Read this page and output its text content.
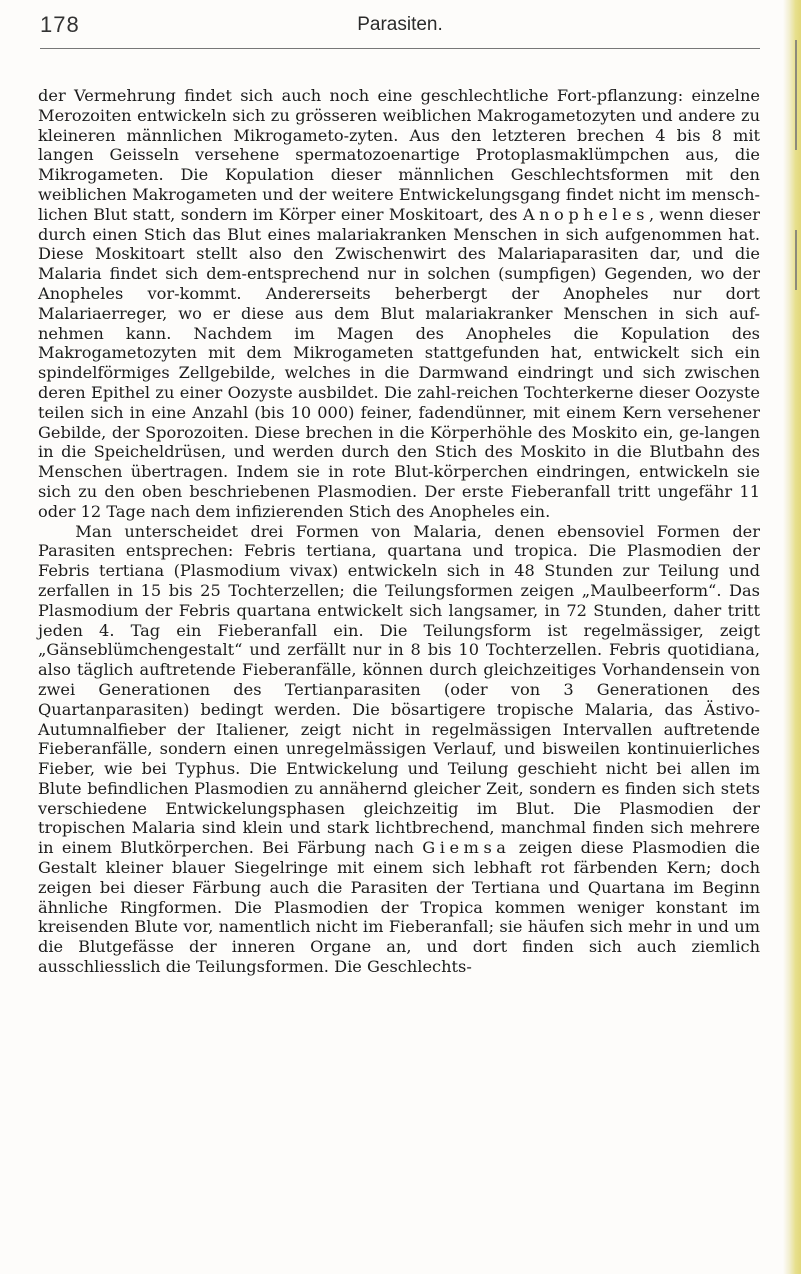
178	Parasiten.

der Vermehrung findet sich auch noch eine geschlechtliche Fort-pflanzung: einzelne Merozoiten entwickeln sich zu grösseren weiblichen Makrogametozyten und andere zu kleineren männlichen Mikrogameto-zyten. Aus den letzteren brechen 4 bis 8 mit langen Geisseln versehene spermatozoenartige Protoplasmaklümpchen aus, die Mikrogameten. Die Kopulation dieser männlichen Geschlechtsformen mit den weiblichen Makrogameten und der weitere Entwickelungsgang findet nicht im mensch-lichen Blut statt, sondern im Körper einer Moskitoart, des Anopheles, wenn dieser durch einen Stich das Blut eines malariakranken Menschen in sich aufgenommen hat. Diese Moskitoart stellt also den Zwischenwirt des Malariaparasiten dar, und die Malaria findet sich dem-entsprechend nur in solchen (sumpfigen) Gegenden, wo der Anopheles vor-kommt. Andererseits beherbergt der Anopheles nur dort Malariaerreger, wo er diese aus dem Blut malariakranker Menschen in sich auf-nehmen kann. Nachdem im Magen des Anopheles die Kopulation des Makrogametozyten mit dem Mikrogameten stattgefunden hat, entwickelt sich ein spindelförmiges Zellgebilde, welches in die Darmwand eindringt und sich zwischen deren Epithel zu einer Oozyste ausbildet. Die zahl-reichen Tochterkerne dieser Oozyste teilen sich in eine Anzahl (bis 10 000) feiner, fadendünner, mit einem Kern versehener Gebilde, der Sporozoiten. Diese brechen in die Körperhöhle des Moskito ein, ge-langen in die Speicheldrüsen, und werden durch den Stich des Moskito in die Blutbahn des Menschen übertragen. Indem sie in rote Blut-körperchen eindringen, entwickeln sie sich zu den oben beschriebenen Plasmodien. Der erste Fieberanfall tritt ungefähr 11 oder 12 Tage nach dem infizierenden Stich des Anopheles ein.

Man unterscheidet drei Formen von Malaria, denen ebensoviel Formen der Parasiten entsprechen: Febris tertiana, quartana und tropica. Die Plasmodien der Febris tertiana (Plasmodium vivax) entwickeln sich in 48 Stunden zur Teilung und zerfallen in 15 bis 25 Tochterzellen; die Teilungsformen zeigen „Maulbeerform“. Das Plasmodium der Febris quartana entwickelt sich langsamer, in 72 Stunden, daher tritt jeden 4. Tag ein Fieberanfall ein. Die Teilungsform ist regelmässiger, zeigt „Gänseblümchengestalt“ und zerfällt nur in 8 bis 10 Tochterzellen. Febris quotidiana, also täglich auftretende Fieberanfälle, können durch gleichzeitiges Vorhandensein von zwei Generationen des Tertianparasiten (oder von 3 Generationen des Quartanparasiten) bedingt werden. Die bösartigere tropische Malaria, das Ästivo-Autumnalfieber der Italiener, zeigt nicht in regelmässigen Intervallen auftretende Fieberanfälle, sondern einen unregelmässigen Verlauf, und bisweilen kontinuierliches Fieber, wie bei Typhus. Die Entwickelung und Teilung geschieht nicht bei allen im Blute befindlichen Plasmodien zu annähernd gleicher Zeit, sondern es finden sich stets verschiedene Entwickelungsphasen gleichzeitig im Blut. Die Plasmodien der tropischen Malaria sind klein und stark lichtbrechend, manchmal finden sich mehrere in einem Blutkörperchen. Bei Färbung nach Giemsa zeigen diese Plasmodien die Gestalt kleiner blauer Siegelringe mit einem sich lebhaft rot färbenden Kern; doch zeigen bei dieser Färbung auch die Parasiten der Tertiana und Quartana im Beginn ähnliche Ringformen. Die Plasmodien der Tropica kommen weniger konstant im kreisenden Blute vor, namentlich nicht im Fieberanfall; sie häufen sich mehr in und um die Blutgefässe der inneren Organe an, und dort finden sich auch ziemlich ausschliesslich die Teilungsformen. Die Geschlechts-
